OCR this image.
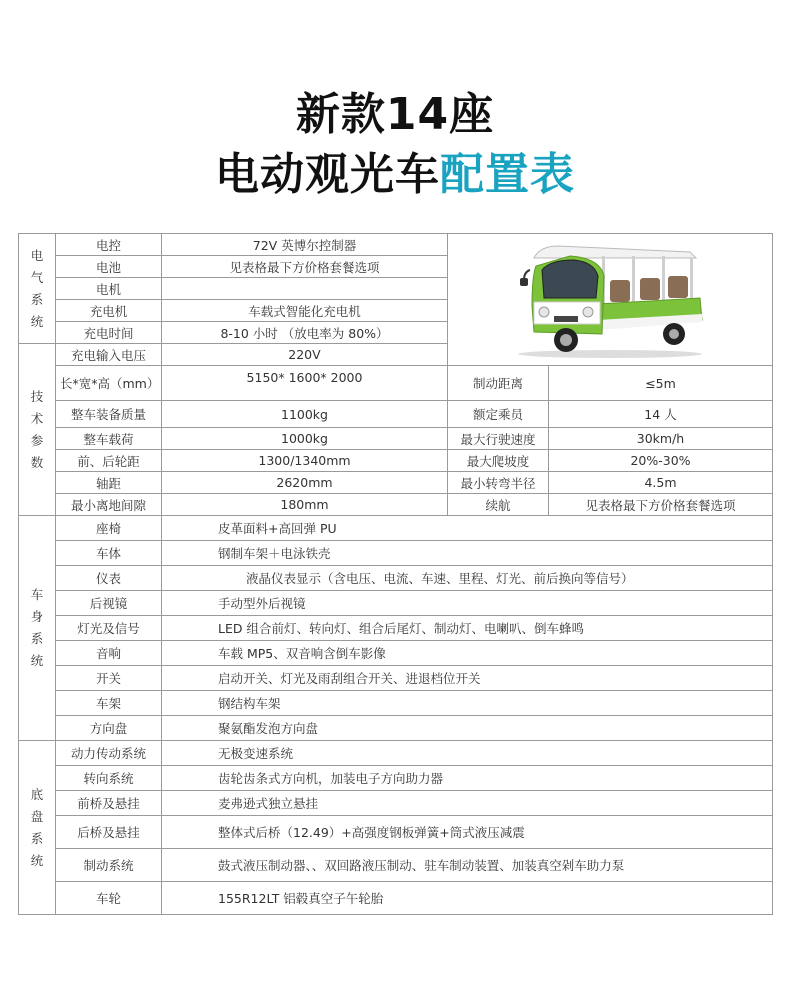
新款14座
电动观光车配置表
电
气
系
统	电控	72V 英博尔控制器	
	电池	见表格最下方价格套餐选项		
	电机			
	充电机	车载式智能化充电机		
	充电时间	8-10 小时 （放电率为 80%）		

技
术
参
数	充电输入电压	220V		
	长*宽*高（mm）	5150* 1600* 2000	制动距离	≤5m
	整车装备质量	1100kg	额定乘员	14 人
	整车载荷	1000kg	最大行驶速度	30km/h
	前、后轮距	1300/1340mm	最大爬坡度	20%-30%
	轴距	2620mm	最小转弯半径	4.5m
	最小离地间隙	180mm	续航	见表格最下方价格套餐选项

车
身
系
统	座椅	皮革面料+高回弹 PU		
	车体	钢制车架＋电泳铁壳		
	仪表	液晶仪表显示（含电压、电流、车速、里程、灯光、前后换向等信号）		
	后视镜	手动型外后视镜		
	灯光及信号	LED 组合前灯、转向灯、组合后尾灯、制动灯、电喇叭、倒车蜂鸣		
	音响	车载 MP5、双音响含倒车影像		
	开关	启动开关、灯光及雨刮组合开关、进退档位开关		
	车架	钢结构车架		
	方向盘	聚氨酯发泡方向盘		

底
盘
系
统	动力传动系统	无极变速系统		
	转向系统	齿轮齿条式方向机，加装电子方向助力器		
	前桥及悬挂	麦弗逊式独立悬挂		
	后桥及悬挂	整体式后桥（12.49）+高强度钢板弹簧+筒式液压减震		
	制动系统	鼓式液压制动器、、双回路液压制动、驻车制动装置、加装真空剁车助力泵		
	车轮	155R12LT 铝毂真空子午轮胎		
